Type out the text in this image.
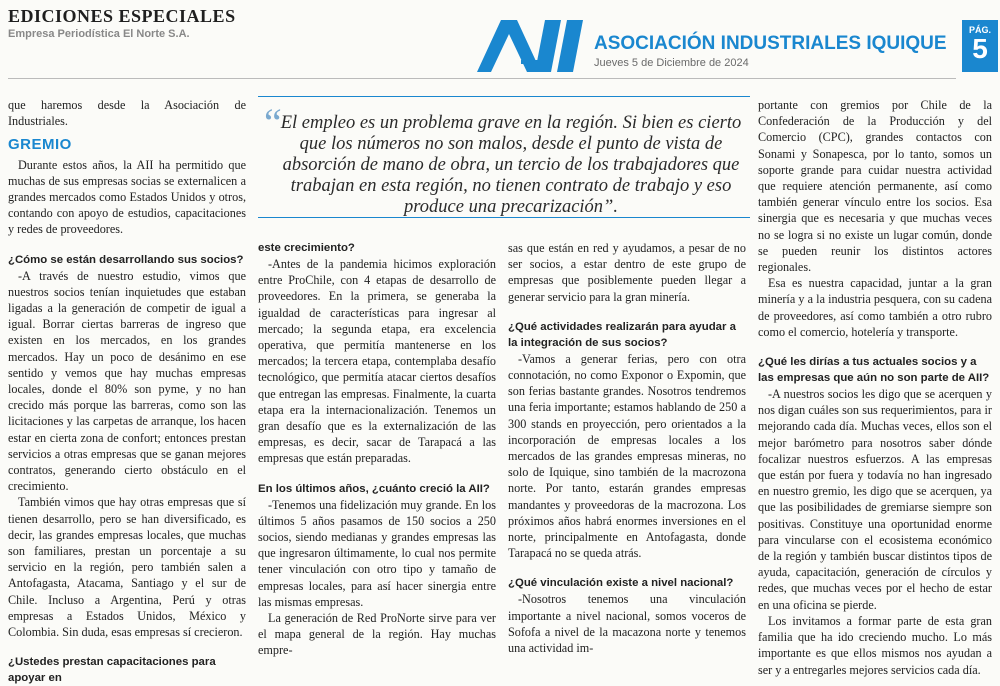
EDICIONES ESPECIALES
Empresa Periodística El Norte S.A.	ASOCIACIÓN INDUSTRIALES IQUIQUE
Jueves 5 de Diciembre de 2024
PÁG.
5
“
El empleo es un problema grave en la región. Si bien es cierto que los números no son malos, desde el punto de vista de absorción de mano de obra, un tercio de los trabajadores que trabajan en esta región, no tienen contrato de trabajo y eso produce una precarización”.

que haremos desde la Asociación de Industriales.

GREMIO

Durante estos años, la AII ha permitido que muchas de sus empresas socias se externalicen a grandes mercados como Estados Unidos y otros, contando con apoyo de estudios, capacitaciones y redes de proveedores.

¿Cómo se están desarrollando sus socios?

-A través de nuestro estudio, vimos que nuestros socios tenían inquietudes que estaban ligadas a la generación de competir de igual a igual. Borrar ciertas barreras de ingreso que existen en los mercados, en los grandes mercados. Hay un poco de desánimo en ese sentido y vemos que hay muchas empresas locales, donde el 80% son pyme, y no han crecido más porque las barreras, como son las licitaciones y las carpetas de arranque, los hacen estar en cierta zona de confort; entonces prestan servicios a otras empresas que se ganan mejores contratos, generando cierto obstáculo en el crecimiento.

También vimos que hay otras empresas que sí tienen desarrollo, pero se han diversificado, es decir, las grandes empresas locales, que muchas son familiares, prestan un porcentaje a su servicio en la región, pero también salen a Antofagasta, Atacama, Santiago y el sur de Chile. Incluso a Argentina, Perú y otras empresas a Estados Unidos, México y Colombia. Sin duda, esas empresas sí crecieron.

¿Ustedes prestan capacitaciones para apoyar en

este crecimiento?

-Antes de la pandemia hicimos exploración entre ProChile, con 4 etapas de desarrollo de proveedores. En la primera, se generaba la igualdad de características para ingresar al mercado; la segunda etapa, era excelencia operativa, que permitía mantenerse en los mercados; la tercera etapa, contemplaba desafío tecnológico, que permitía atacar ciertos desafíos que entregan las empresas. Finalmente, la cuarta etapa era la internacionalización. Tenemos un gran desafío que es la externalización de las empresas, es decir, sacar de Tarapacá a las empresas que están preparadas.

En los últimos años, ¿cuánto creció la AII?

-Tenemos una fidelización muy grande. En los últimos 5 años pasamos de 150 socios a 250 socios, siendo medianas y grandes empresas las que ingresaron últimamente, lo cual nos permite tener vinculación con otro tipo y tamaño de empresas locales, para así hacer sinergia entre las mismas empresas.

La generación de Red ProNorte sirve para ver el mapa general de la región. Hay muchas empre-

sas que están en red y ayudamos, a pesar de no ser socios, a estar dentro de este grupo de empresas que posiblemente pueden llegar a generar servicio para la gran minería.

¿Qué actividades realizarán para ayudar a la integración de sus socios?

-Vamos a generar ferias, pero con otra connotación, no como Exponor o Expomin, que son ferias bastante grandes. Nosotros tendremos una feria importante; estamos hablando de 250 a 300 stands en proyección, pero orientados a la incorporación de empresas locales a los mercados de las grandes empresas mineras, no solo de Iquique, sino también de la macrozona norte. Por tanto, estarán grandes empresas mandantes y proveedoras de la macrozona. Los próximos años habrá enormes inversiones en el norte, principalmente en Antofagasta, donde Tarapacá no se queda atrás.

¿Qué vinculación existe a nivel nacional?

-Nosotros tenemos una vinculación importante a nivel nacional, somos voceros de Sofofa a nivel de la macazona norte y tenemos una actividad im-

portante con gremios por Chile de la Confederación de la Producción y del Comercio (CPC), grandes contactos con Sonami y Sonapesca, por lo tanto, somos un soporte grande para cuidar nuestra actividad que requiere atención permanente, así como también generar vínculo entre los socios. Esa sinergia que es necesaria y que muchas veces no se logra si no existe un lugar común, donde se pueden reunir los distintos actores regionales.

Esa es nuestra capacidad, juntar a la gran minería y a la industria pesquera, con su cadena de proveedores, así como también a otro rubro como el comercio, hotelería y transporte.

¿Qué les dirías a tus actuales socios y a las empresas que aún no son parte de AII?

-A nuestros socios les digo que se acerquen y nos digan cuáles son sus requerimientos, para ir mejorando cada día. Muchas veces, ellos son el mejor barómetro para nosotros saber dónde focalizar nuestros esfuerzos. A las empresas que están por fuera y todavía no han ingresado en nuestro gremio, les digo que se acerquen, ya que las posibilidades de gremiarse siempre son positivas. Constituye una oportunidad enorme para vincularse con el ecosistema económico de la región y también buscar distintos tipos de ayuda, capacitación, generación de círculos y redes, que muchas veces por el hecho de estar en una oficina se pierde.

Los invitamos a formar parte de esta gran familia que ha ido creciendo mucho. Lo más importante es que ellos mismos nos ayudan a ser y a entregarles mejores servicios cada día.
